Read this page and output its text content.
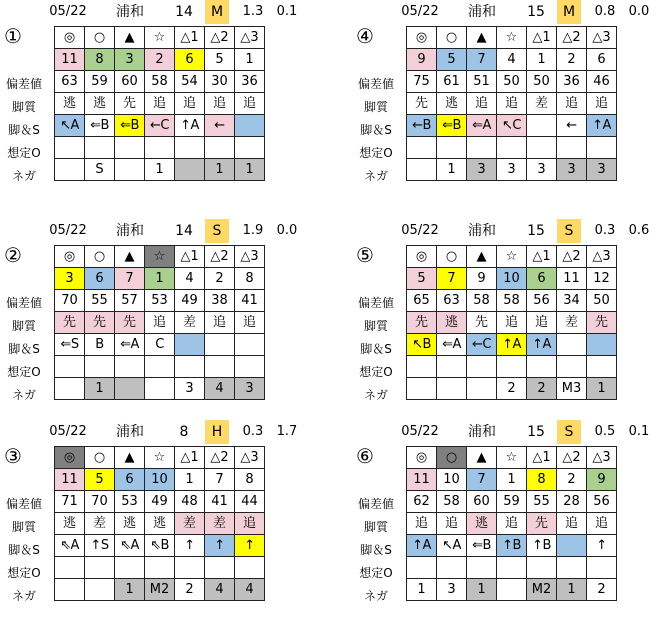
05/22	浦和	14	M	1.3	0.1
①
偏差値
脚質
脚＆S
想定O
ネガ
◎	○	▲	☆	△1	△2	△3
11	8	3	2	6	5	1
63	59	60	58	54	30	36
逃	逃	先	追	追	追	追
↖A	⇐B	⇐B	←C	↑A	←	

	S		1		1	1
05/22	浦和	14	S	1.9	0.0
②
偏差値
脚質
脚＆S
想定O
ネガ
◎	○	▲	☆	△1	△2	△3
3	6	7	1	4	2	8
70	55	57	53	49	38	41
先	先	先	追	差	追	追
⇐S	B	⇐A	C			

	1			3	4	3
05/22	浦和	8	H	0.3	1.7
③
偏差値
脚質
脚＆S
想定O
ネガ
◎	○	▲	☆	△1	△2	△3
11	5	6	10	1	7	8
71	70	53	49	48	41	44
逃	差	逃	逃	差	差	追
⇖A	↑S	⇖A	⇖B	↑	↑	↑

		1	M2	2	4	4
05/22	浦和	15	M	0.8	0.0
④
偏差値
脚質
脚＆S
想定O
ネガ
◎	○	▲	☆	△1	△2	△3
9	5	7	4	1	2	6
75	61	51	50	50	36	46
先	逃	追	追	差	追	追
←B	⇐B	⇐A	↖C		←	↑A

	1	3	3	3	3	3
05/22	浦和	15	S	0.3	0.6
⑤
偏差値
脚質
脚＆S
想定O
ネガ
◎	○	▲	☆	△1	△2	△3
5	7	9	10	6	11	12
65	63	58	58	56	34	50
先	逃	先	追	追	差	先
↖B	⇐A	←C	↑A	↑A		

			2	2	M3	1
05/22	浦和	15	S	0.5	0.1
⑥
偏差値
脚質
脚＆S
想定O
ネガ
◎	○	▲	☆	△1	△2	△3
11	10	7	1	8	2	9
62	58	60	59	55	28	56
追	追	逃	追	先	追	追
↑A	↖A	⇐B	↑B	↑B		↑

1	3	1		M2	1	2
